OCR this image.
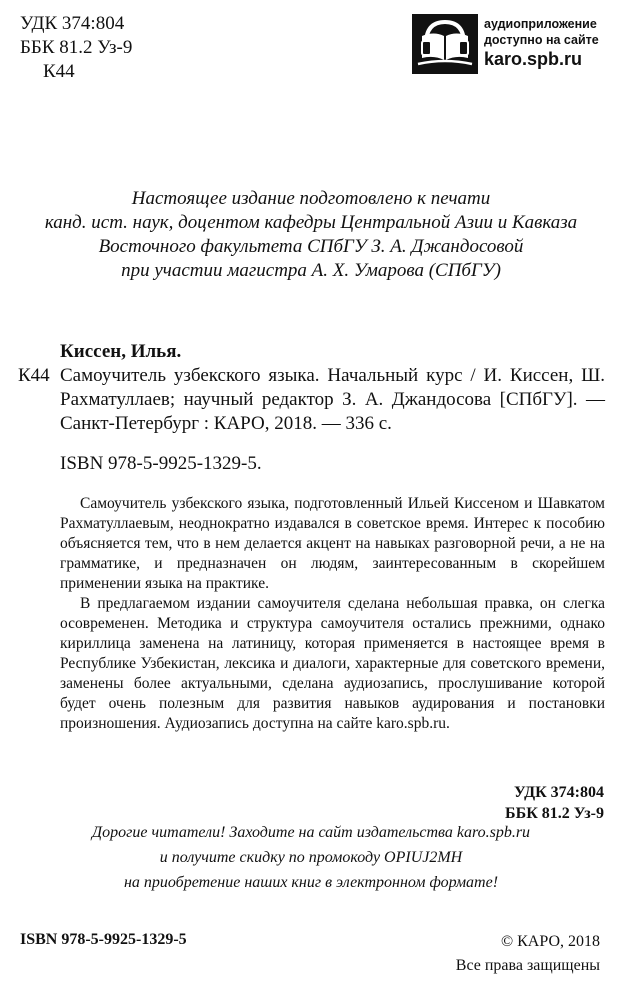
УДК 374:804
ББК 81.2 Уз-9
К44
аудиоприложение
доступно на сайте
karo.spb.ru
Настоящее издание подготовлено к печати
канд. ист. наук, доцентом кафедры Центральной Азии и Кавказа
Восточного факультета СПбГУ З. А. Джандосовой
при участии магистра А. Х. Умарова (СПбГУ)
Киссен, Илья.
К44 Самоучитель узбекского языка. Начальный курс / И. Киссен, Ш. Рахматуллаев; научный редактор З. А. Джандосова [СПбГУ]. — Санкт-Петербург : КАРО, 2018. — 336 с.
ISBN 978-5-9925-1329-5.

Самоучитель узбекского языка, подготовленный Ильей Киссеном и Шавкатом Рахматуллаевым, неоднократно издавался в советское время. Интерес к пособию объясняется тем, что в нем делается акцент на навыках разговорной речи, а не на грамматике, и предназначен он людям, заинтересованным в скорейшем применении языка на практике.

В предлагаемом издании самоучителя сделана небольшая правка, он слегка осовременен. Методика и структура самоучителя остались прежними, однако кириллица заменена на латиницу, которая применяется в настоящее время в Республике Узбекистан, лексика и диалоги, характерные для советского времени, заменены более актуальными, сделана аудиозапись, прослушивание которой будет очень полезным для развития навыков аудирования и постановки произношения. Аудиозапись доступна на сайте karo.spb.ru.

УДК 374:804
ББК 81.2 Уз-9
Дорогие читатели! Заходите на сайт издательства karo.spb.ru
и получите скидку по промокоду OPIUJ2MH
на приобретение наших книг в электронном формате!
ISBN 978-5-9925-1329-5	© КАРО, 2018
Все права защищены
